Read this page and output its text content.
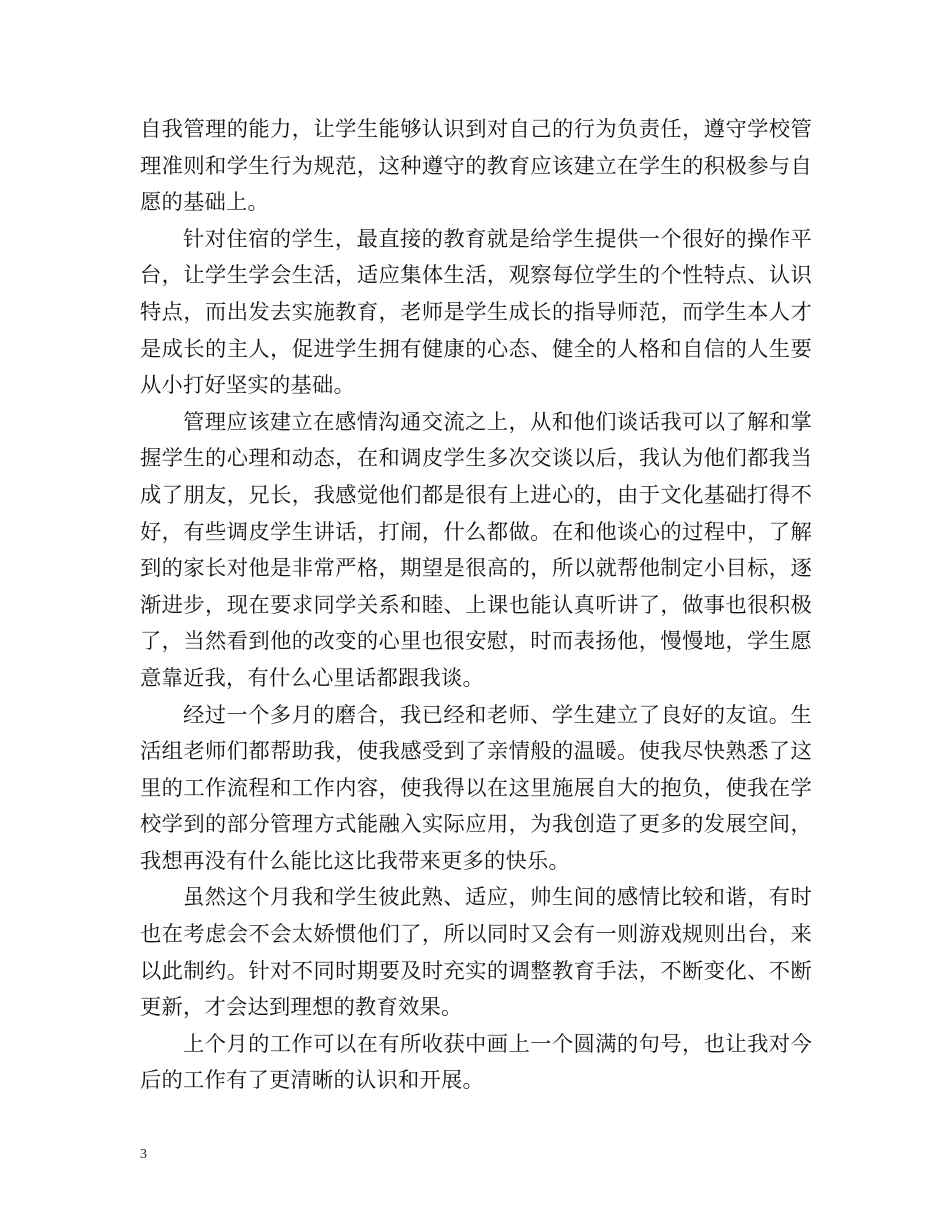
自我管理的能力，让学生能够认识到对自己的行为负责任，遵守学校管理准则和学生行为规范，这种遵守的教育应该建立在学生的积极参与自愿的基础上。

针对住宿的学生，最直接的教育就是给学生提供一个很好的操作平台，让学生学会生活，适应集体生活，观察每位学生的个性特点、认识特点，而出发去实施教育，老师是学生成长的指导师范，而学生本人才是成长的主人，促进学生拥有健康的心态、健全的人格和自信的人生要从小打好坚实的基础。

管理应该建立在感情沟通交流之上，从和他们谈话我可以了解和掌握学生的心理和动态，在和调皮学生多次交谈以后，我认为他们都我当成了朋友，兄长，我感觉他们都是很有上进心的，由于文化基础打得不好，有些调皮学生讲话，打闹，什么都做。在和他谈心的过程中，了解到的家长对他是非常严格，期望是很高的，所以就帮他制定小目标，逐渐进步，现在要求同学关系和睦、上课也能认真听讲了，做事也很积极了，当然看到他的改变的心里也很安慰，时而表扬他，慢慢地，学生愿意靠近我，有什么心里话都跟我谈。

经过一个多月的磨合，我已经和老师、学生建立了良好的友谊。生活组老师们都帮助我，使我感受到了亲情般的温暖。使我尽快熟悉了这里的工作流程和工作内容，使我得以在这里施展自大的抱负，使我在学校学到的部分管理方式能融入实际应用，为我创造了更多的发展空间，我想再没有什么能比这比我带来更多的快乐。

虽然这个月我和学生彼此熟、适应，帅生间的感情比较和谐，有时也在考虑会不会太娇惯他们了，所以同时又会有一则游戏规则出台，来以此制约。针对不同时期要及时充实的调整教育手法，不断变化、不断更新，才会达到理想的教育效果。

上个月的工作可以在有所收获中画上一个圆满的句号，也让我对今后的工作有了更清晰的认识和开展。

3
